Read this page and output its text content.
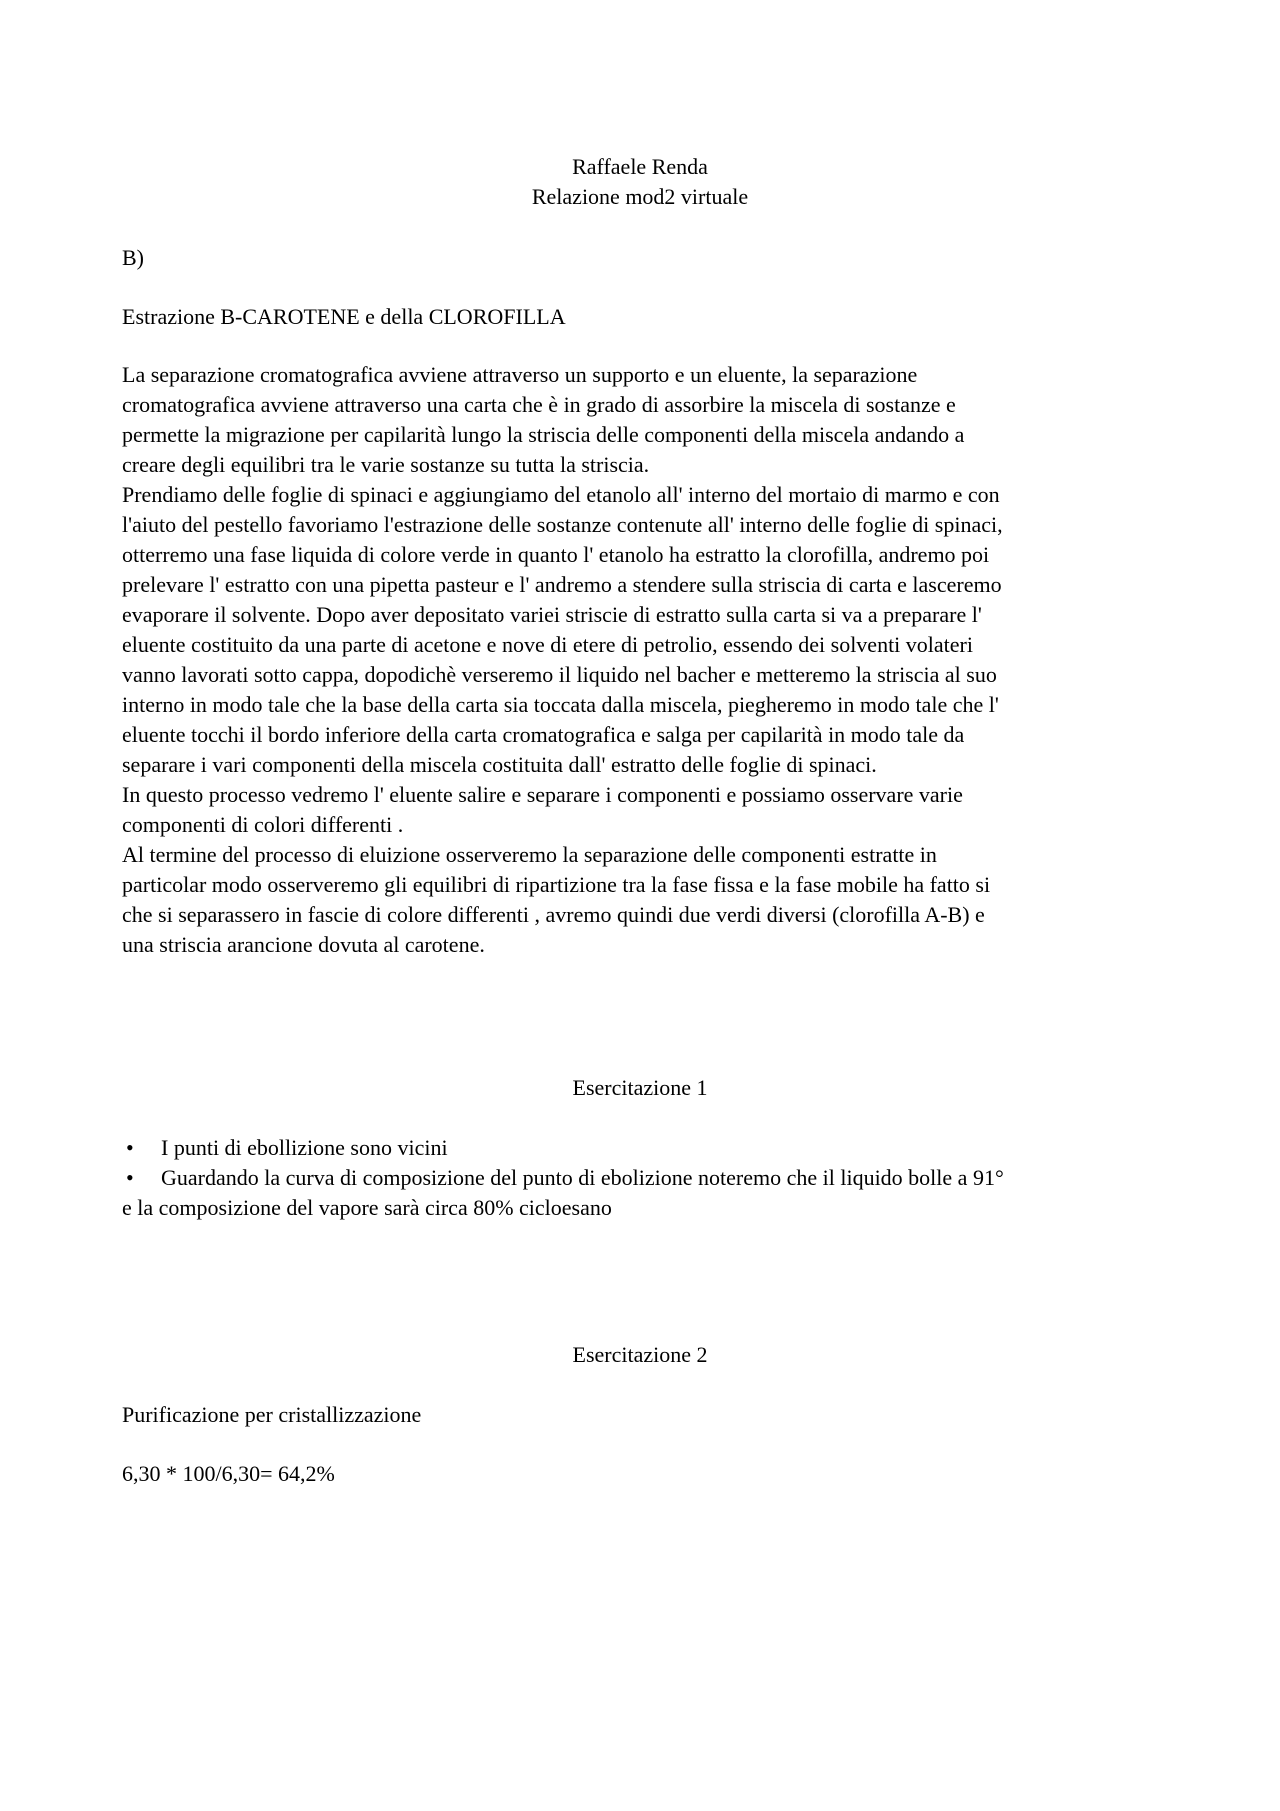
Raffaele Renda
Relazione mod2 virtuale
B)
Estrazione B-CAROTENE e della CLOROFILLA
La separazione cromatografica avviene attraverso un supporto e un eluente, la separazione
cromatografica avviene attraverso una carta che è in grado di assorbire la miscela di sostanze e
permette la migrazione per capilarità lungo la striscia delle componenti della miscela andando a
creare degli equilibri tra le varie sostanze su tutta la striscia.
Prendiamo delle foglie di spinaci e aggiungiamo del etanolo all' interno del mortaio di marmo e con
l'aiuto del pestello favoriamo l'estrazione delle sostanze contenute all' interno delle foglie di spinaci,
otterremo una fase liquida di colore verde in quanto l' etanolo ha estratto la clorofilla, andremo poi
prelevare l' estratto con una pipetta pasteur e l' andremo a stendere sulla striscia di carta e lasceremo
evaporare il solvente. Dopo aver depositato variei striscie di estratto sulla carta si va a preparare l'
eluente costituito da una parte di acetone e nove di etere di petrolio, essendo dei solventi volateri
vanno lavorati sotto cappa, dopodichè verseremo il liquido nel bacher e metteremo la striscia al suo
interno in modo tale che la base della carta sia toccata dalla miscela, piegheremo in modo tale che l'
eluente tocchi il bordo inferiore della carta cromatografica e salga per capilarità in modo tale da
separare i vari componenti della miscela costituita dall' estratto delle foglie di spinaci.
In questo processo vedremo l' eluente salire e separare i componenti e possiamo osservare varie
componenti di colori differenti .
Al termine del processo di eluizione osserveremo la separazione delle componenti estratte in
particolar modo osserveremo gli equilibri di ripartizione tra la fase fissa e la fase mobile ha fatto si
che si separassero in fascie di colore differenti , avremo quindi due verdi diversi (clorofilla A-B) e
una striscia arancione dovuta al carotene.
Esercitazione 1
• I punti di ebollizione sono vicini
• Guardando la curva di composizione del punto di ebolizione noteremo che il liquido bolle a 91°
e la composizione del vapore sarà circa 80% cicloesano
Esercitazione 2
Purificazione per cristallizzazione
6,30 * 100/6,30= 64,2%
